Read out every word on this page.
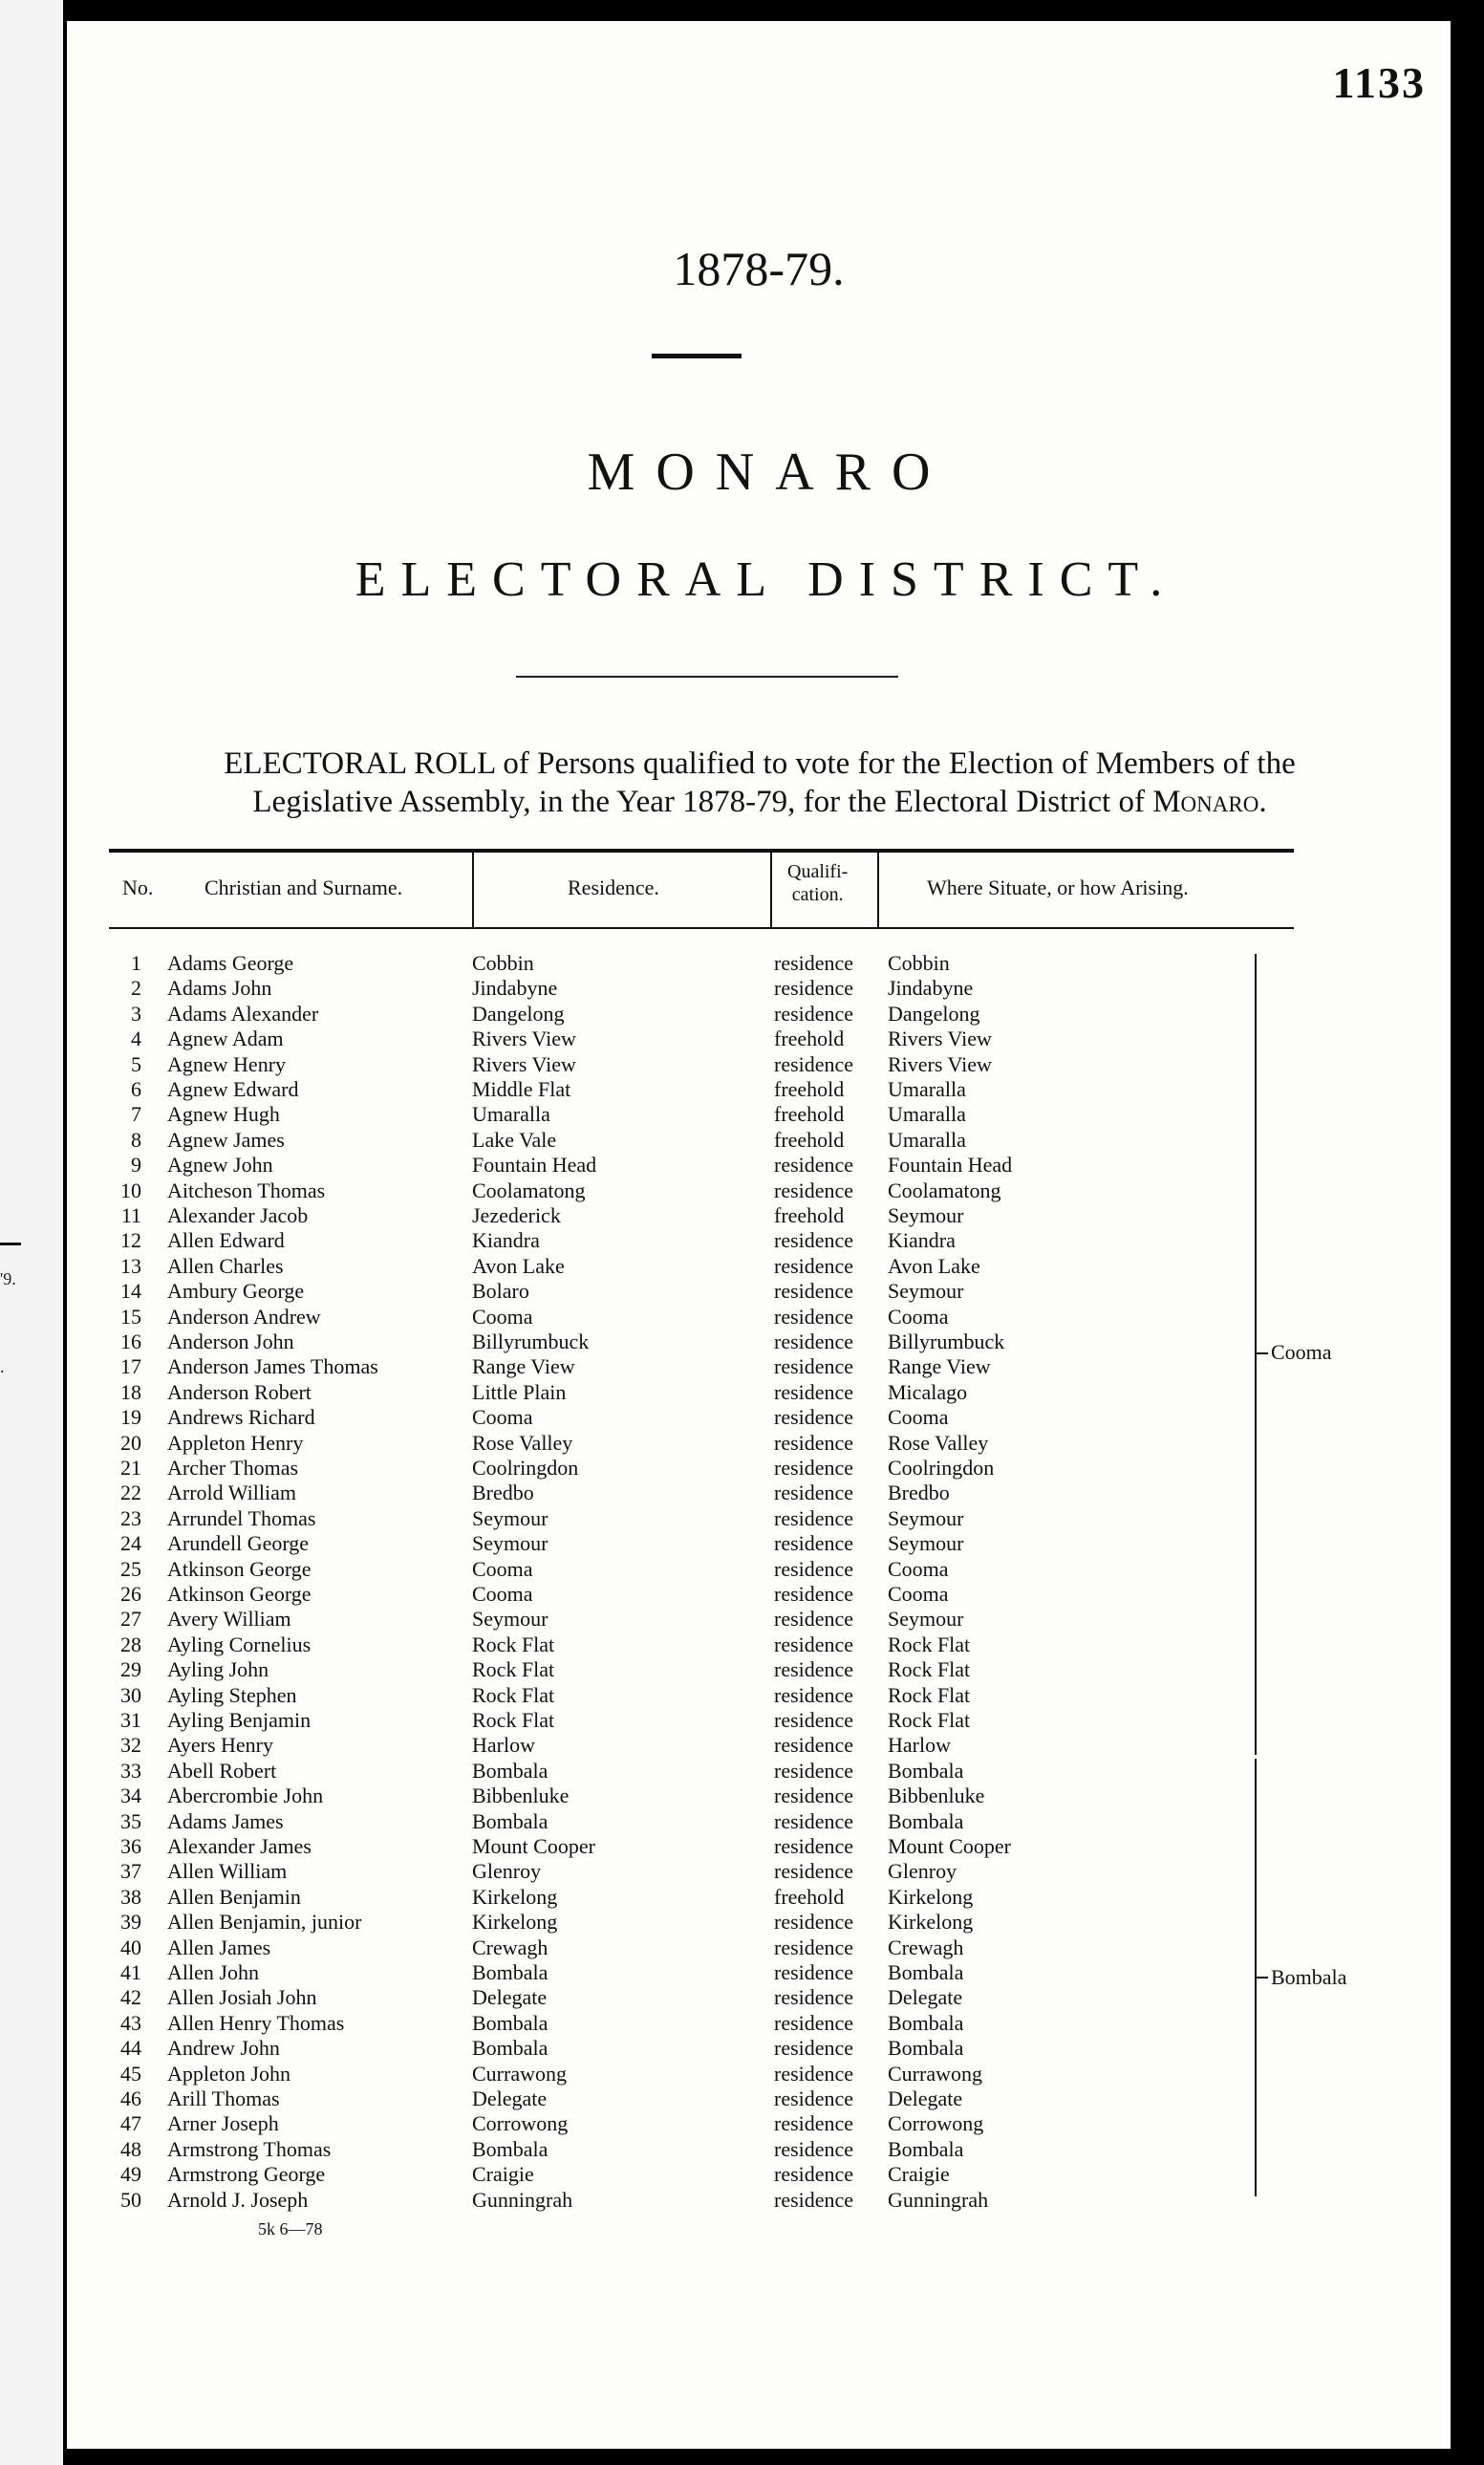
'9.
.
1133
1878-79.
MONARO
ELECTORAL DISTRICT.
ELECTORAL ROLL of Persons qualified to vote for the Election of Members of the
Legislative Assembly, in the Year 1878-79, for the Electoral District of Monaro.
No. Christian and Surname.	Residence.
Qualifi-
cation.	Where Situate, or how Arising.
Cooma
Bombala
1 Adams George	Cobbin	residence Cobbin
2 Adams John	Jindabyne	residence Jindabyne
3 Adams Alexander	Dangelong	residence Dangelong
4 Agnew Adam	Rivers View	freehold Rivers View
5 Agnew Henry	Rivers View	residence Rivers View
6 Agnew Edward	Middle Flat	freehold Umaralla
7 Agnew Hugh	Umaralla	freehold Umaralla
8 Agnew James	Lake Vale	freehold Umaralla
9 Agnew John	Fountain Head	residence Fountain Head
10 Aitcheson Thomas	Coolamatong	residence Coolamatong
11 Alexander Jacob	Jezederick	freehold Seymour
12 Allen Edward	Kiandra	residence Kiandra
13 Allen Charles	Avon Lake	residence Avon Lake
14 Ambury George	Bolaro	residence Seymour
15 Anderson Andrew	Cooma	residence Cooma
16 Anderson John	Billyrumbuck	residence Billyrumbuck
17 Anderson James Thomas	Range View	residence Range View
18 Anderson Robert	Little Plain	residence Micalago
19 Andrews Richard	Cooma	residence Cooma
20 Appleton Henry	Rose Valley	residence Rose Valley
21 Archer Thomas	Coolringdon	residence Coolringdon
22 Arrold William	Bredbo	residence Bredbo
23 Arrundel Thomas	Seymour	residence Seymour
24 Arundell George	Seymour	residence Seymour
25 Atkinson George	Cooma	residence Cooma
26 Atkinson George	Cooma	residence Cooma
27 Avery William	Seymour	residence Seymour
28 Ayling Cornelius	Rock Flat	residence Rock Flat
29 Ayling John	Rock Flat	residence Rock Flat
30 Ayling Stephen	Rock Flat	residence Rock Flat
31 Ayling Benjamin	Rock Flat	residence Rock Flat
32 Ayers Henry	Harlow	residence Harlow
33 Abell Robert	Bombala	residence Bombala
34 Abercrombie John	Bibbenluke	residence Bibbenluke
35 Adams James	Bombala	residence Bombala
36 Alexander James	Mount Cooper	residence Mount Cooper
37 Allen William	Glenroy	residence Glenroy
38 Allen Benjamin	Kirkelong	freehold Kirkelong
39 Allen Benjamin, junior	Kirkelong	residence Kirkelong
40 Allen James	Crewagh	residence Crewagh
41 Allen John	Bombala	residence Bombala
42 Allen Josiah John	Delegate	residence Delegate
43 Allen Henry Thomas	Bombala	residence Bombala
44 Andrew John	Bombala	residence Bombala
45 Appleton John	Currawong	residence Currawong
46 Arill Thomas	Delegate	residence Delegate
47 Arner Joseph	Corrowong	residence Corrowong
48 Armstrong Thomas	Bombala	residence Bombala
49 Armstrong George	Craigie	residence Craigie
50 Arnold J. Joseph	Gunningrah	residence Gunningrah
5k 6—78
